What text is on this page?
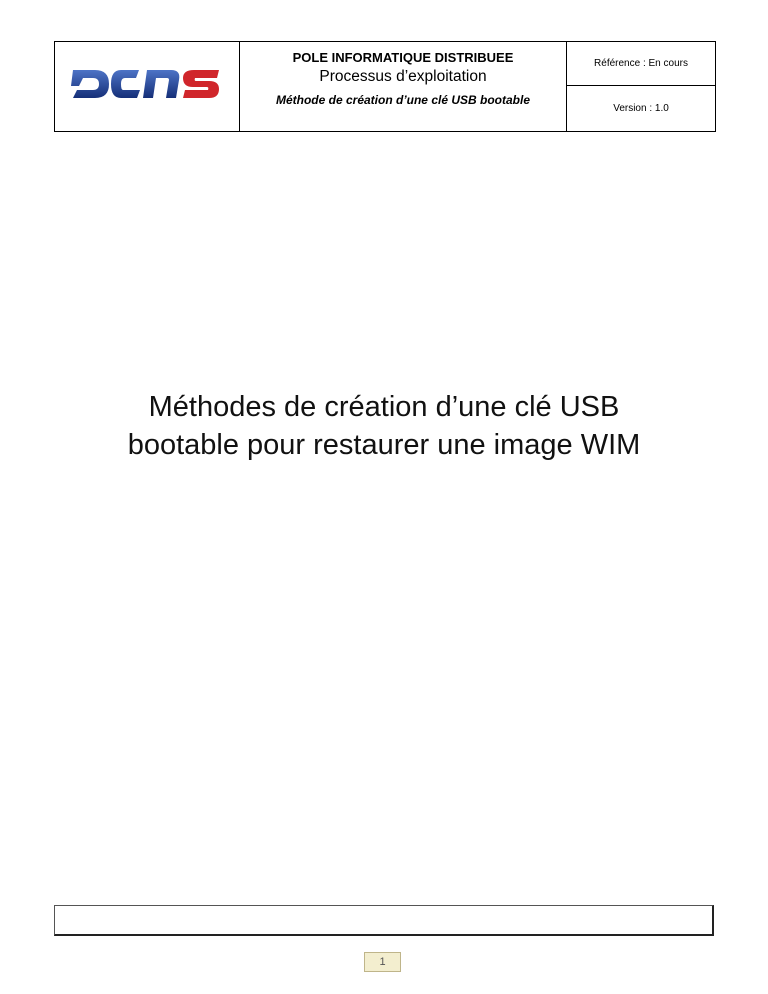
POLE INFORMATIQUE DISTRIBUEE
Processus d’exploitation
Méthode de création d’une clé USB bootable

Référence : En cours
Version : 1.0
Méthodes de création d’une clé USB
bootable pour restaurer une image WIM
1
